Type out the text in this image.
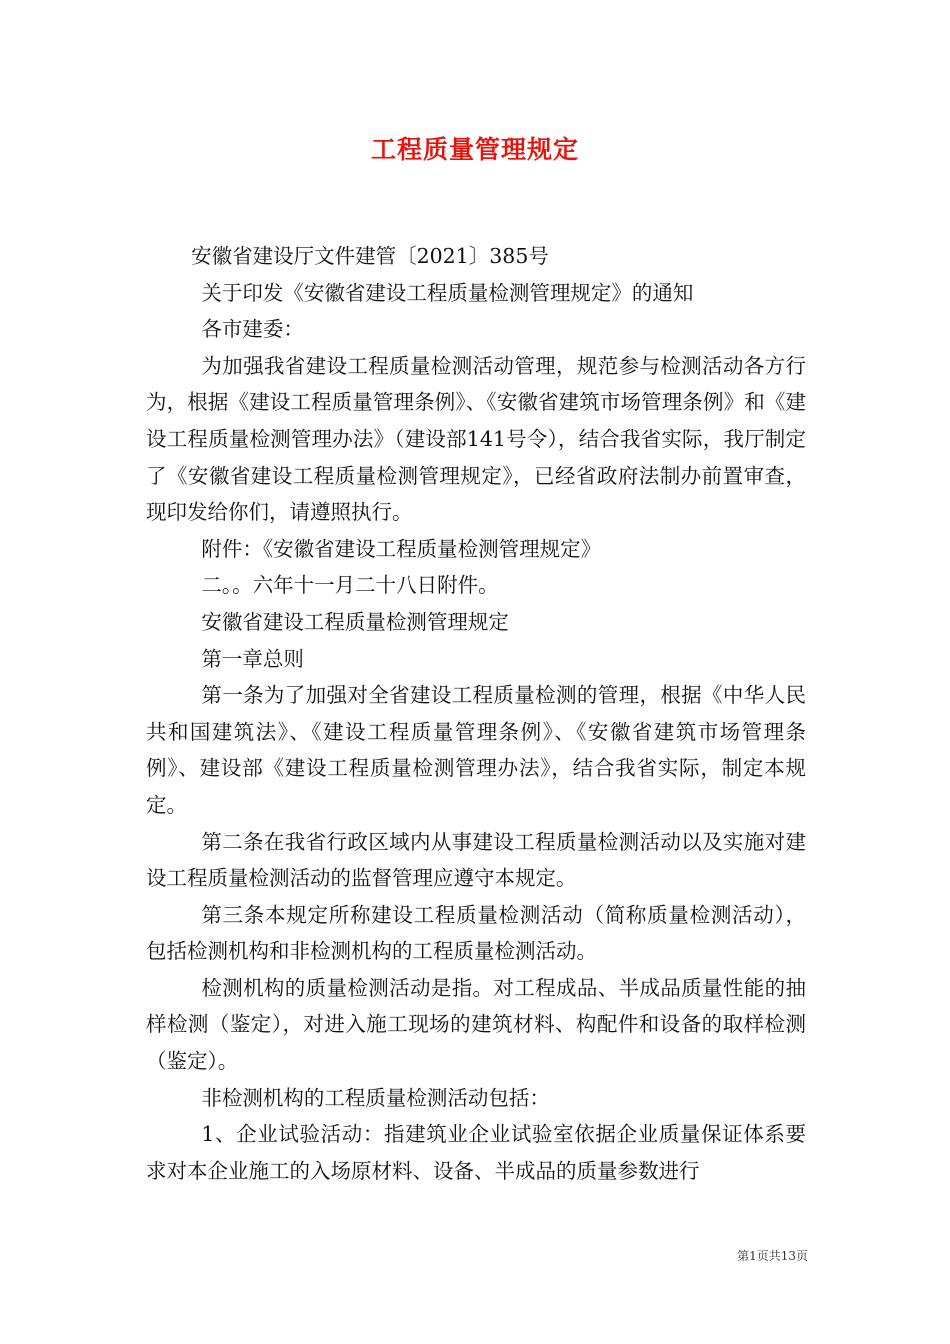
工程质量管理规定

安徽省建设厅文件建管〔2021〕385号

关于印发《安徽省建设工程质量检测管理规定》的通知

各市建委：

为加强我省建设工程质量检测活动管理，规范参与检测活动各方行为，根据《建设工程质量管理条例》、《安徽省建筑市场管理条例》和《建设工程质量检测管理办法》（建设部141号令），结合我省实际，我厅制定了《安徽省建设工程质量检测管理规定》，已经省政府法制办前置审查，现印发给你们，请遵照执行。

附件：《安徽省建设工程质量检测管理规定》

二。。六年十一月二十八日附件。

安徽省建设工程质量检测管理规定

第一章总则

第一条为了加强对全省建设工程质量检测的管理，根据《中华人民共和国建筑法》、《建设工程质量管理条例》、《安徽省建筑市场管理条例》、建设部《建设工程质量检测管理办法》，结合我省实际，制定本规定。

第二条在我省行政区域内从事建设工程质量检测活动以及实施对建设工程质量检测活动的监督管理应遵守本规定。

第三条本规定所称建设工程质量检测活动（简称质量检测活动），包括检测机构和非检测机构的工程质量检测活动。

检测机构的质量检测活动是指。对工程成品、半成品质量性能的抽样检测（鉴定），对进入施工现场的建筑材料、构配件和设备的取样检测（鉴定）。

非检测机构的工程质量检测活动包括：

1、企业试验活动：指建筑业企业试验室依据企业质量保证体系要求对本企业施工的入场原材料、设备、半成品的质量参数进行

第1页共13页
